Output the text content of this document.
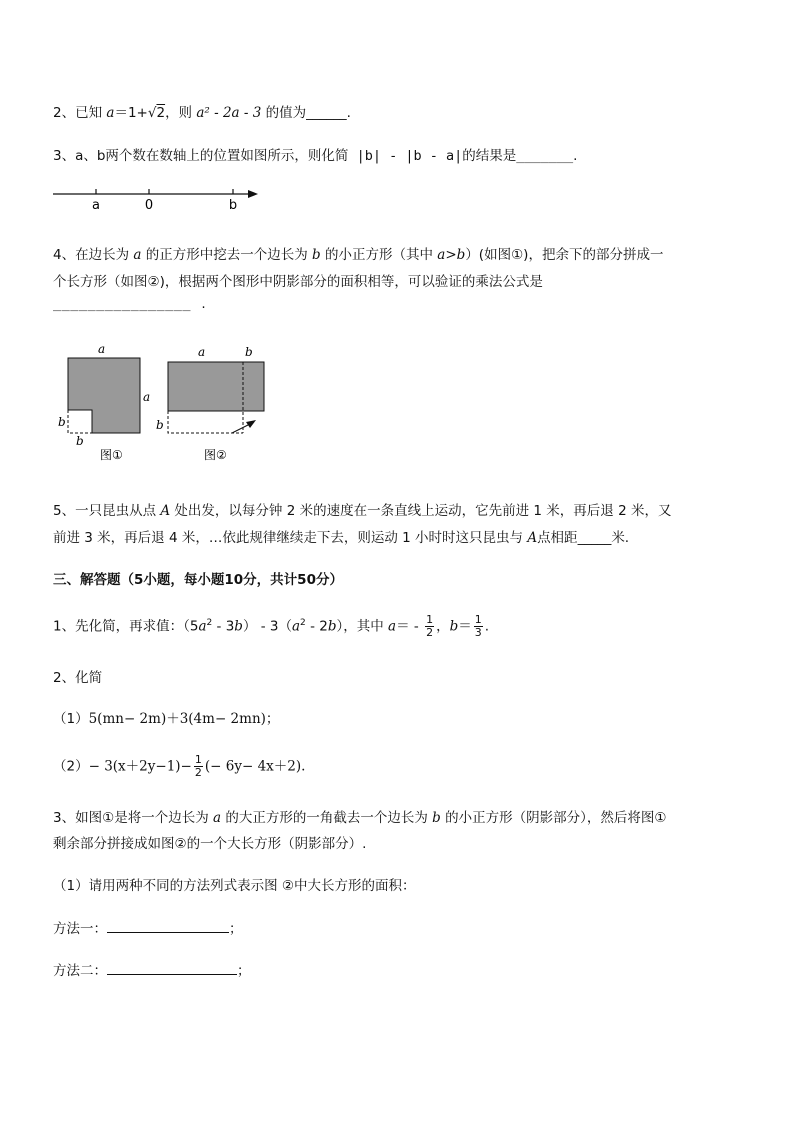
2、已知 a＝1+√2，则 a² - 2a - 3 的值为______.
3、a、b两个数在数轴上的位置如图所示，则化简 |b| - |b - a|的结果是_______.
a	0	b
4、在边长为 a 的正方形中挖去一个边长为 b 的小正方形（其中 a>b）(如图①)，把余下的部分拼成一
个长方形（如图②)，根据两个图形中阴影部分的面积相等，可以验证的乘法公式是
________________ .
a
a
b
b
图①
a	b
b
图②
5、一只昆虫从点 A 处出发，以每分钟 2 米的速度在一条直线上运动，它先前进 1 米，再后退 2 米，又
前进 3 米，再后退 4 米，…依此规律继续走下去，则运动 1 小时时这只昆虫与 A点相距_____米.
三、解答题（5小题，每小题10分，共计50分）
1、先化简，再求值：$(5a^2 - 3b) - 3(a^2 - 2b)$，其中 $a= - \frac{1}{2}$ ，$b= \frac{1}{3}$ .
2、化简
（1）5(mn− 2m)＋3(4m− 2mn)；
$(2)- 3(x+2y-1)- \frac{1}{2}$ (− 6y− 4x＋2).
3、如图①是将一个边长为 a 的大正方形的一角截去一个边长为 b 的小正方形（阴影部分），然后将图①
剩余部分拼接成如图②的一个大长方形（阴影部分）.
（1）请用两种不同的方法列式表示图 ②中大长方形的面积：
方法一：	；
方法二：	；
